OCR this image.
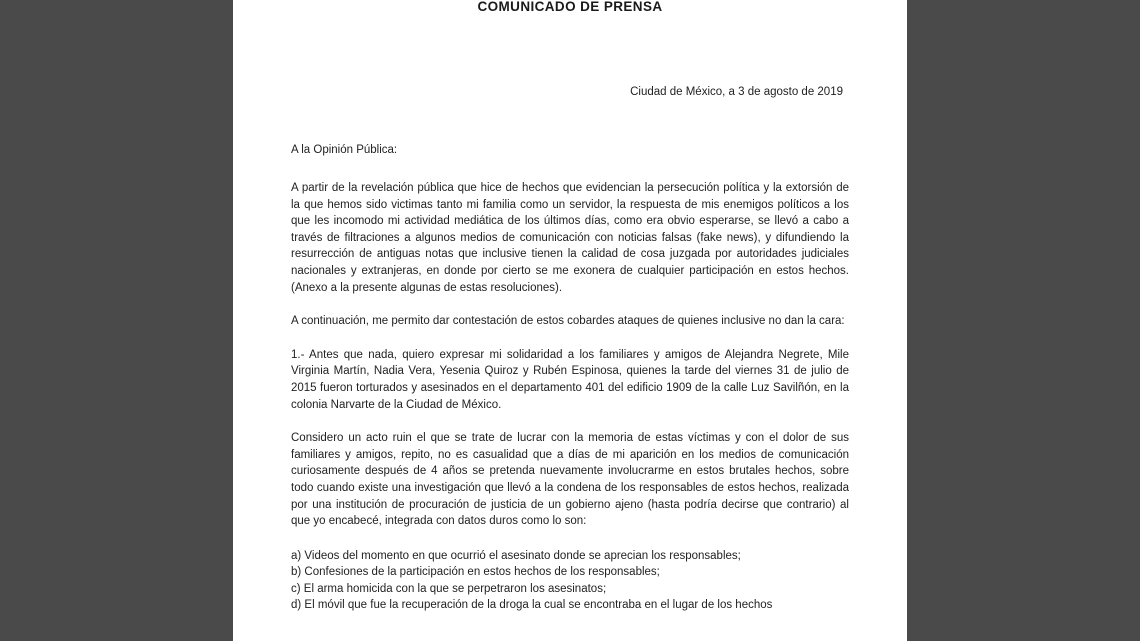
COMUNICADO DE PRENSA
Ciudad de México, a 3 de agosto de 2019
A la Opinión Pública:

A partir de la revelación pública que hice de hechos que evidencian la persecución política y la extorsión de la que hemos sido victimas tanto mi familia como un servidor, la respuesta de mis enemigos políticos a los que les incomodo mi actividad mediática de los últimos días, como era obvio esperarse, se llevó a cabo a través de filtraciones a algunos medios de comunicación con noticias falsas (fake news), y difundiendo la resurrección de antiguas notas que inclusive tienen la calidad de cosa juzgada por autoridades judiciales nacionales y extranjeras, en donde por cierto se me exonera de cualquier participación en estos hechos. (Anexo a la presente algunas de estas resoluciones).

A continuación, me permito dar contestación de estos cobardes ataques de quienes inclusive no dan la cara:

1.- Antes que nada, quiero expresar mi solidaridad a los familiares y amigos de Alejandra Negrete, Mile Virginia Martín, Nadia Vera, Yesenia Quiroz y Rubén Espinosa, quienes la tarde del viernes 31 de julio de 2015 fueron torturados y asesinados en el departamento 401 del edificio 1909 de la calle Luz Savilñón, en la colonia Narvarte de la Ciudad de México.

Considero un acto ruin el que se trate de lucrar con la memoria de estas víctimas y con el dolor de sus familiares y amigos, repito, no es casualidad que a días de mi aparición en los medios de comunicación curiosamente después de 4 años se pretenda nuevamente involucrarme en estos brutales hechos, sobre todo cuando existe una investigación que llevó a la condena de los responsables de estos hechos, realizada por una institución de procuración de justicia de un gobierno ajeno (hasta podría decirse que contrario) al que yo encabecé, integrada con datos duros como lo son:

a) Videos del momento en que ocurrió el asesinato donde se aprecian los responsables;
b) Confesiones de la participación en estos hechos de los responsables;
c) El arma homicida con la que se perpetraron los asesinatos;
d) El móvil que fue la recuperación de la droga la cual se encontraba en el lugar de los hechos
